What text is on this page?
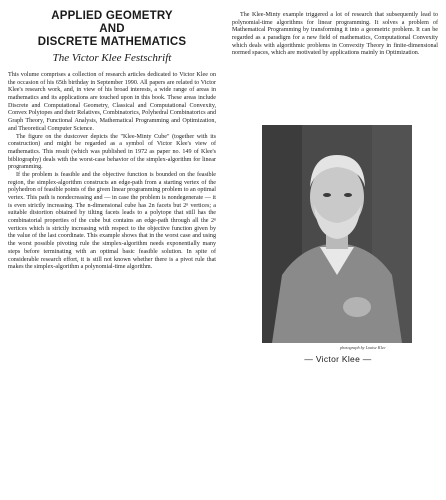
APPLIED GEOMETRY
AND
DISCRETE MATHEMATICS
The Victor Klee Festschrift

This volume comprises a collection of research articles dedicated to Victor Klee on the occasion of his 65th birthday in September 1990. All papers are related to Victor Klee's research work, and, in view of his broad interests, a wide range of areas in mathematics and its applications are touched upon in this book. These areas include Discrete and Computational Geometry, Classical and Computational Convexity, Convex Polytopes and their Relatives, Combinatorics, Polyhedral Combinatorics and Graph Theory, Functional Analysis, Mathematical Programming and Optimization, and Theoretical Computer Science.

The figure on the dustcover depicts the "Klee-Minty Cube" (together with its construction) and might be regarded as a symbol of Victor Klee's view of mathematics. This result (which was published in 1972 as paper no. 149 of Klee's bibliography) deals with the worst-case behavior of the simplex-algorithm for linear programming.

If the problem is feasible and the objective function is bounded on the feasible region, the simplex-algorithm constructs an edge-path from a starting vertex of the polyhedron of feasible points of the given linear programming problem to an optimal vertex. This path is nondecreasing and — in case the problem is nondegenerate — it is even strictly increasing. The n-dimensional cube has 2n facets but 2ⁿ vertices; a suitable distortion obtained by tilting facets leads to a polytope that still has the combinatorial properties of the cube but contains an edge-path through all the 2ⁿ vertices which is strictly increasing with respect to the objective function given by the value of the last coordinate. This example shows that in the worst case and using the worst possible pivoting rule the simplex-algorithm needs exponentially many steps before terminating with an optimal basic feasible solution. In spite of considerable research effort, it is still not known whether there is a pivot rule that makes the simplex-algorithm a polynomial-time algorithm.

The Klee-Minty example triggered a lot of research that subsequently lead to polynomial-time algorithms for linear programming. It solves a problem of Mathematical Programming by transforming it into a geometric problem. It can be regarded as a paradigm for a new field of mathematics, Computational Convexity which deals with algorithmic problems in Convexity Theory in finite-dimensional normed spaces, which are motivated by applications mainly in Optimization.

photograph by Louise Klee
— Victor Klee —
